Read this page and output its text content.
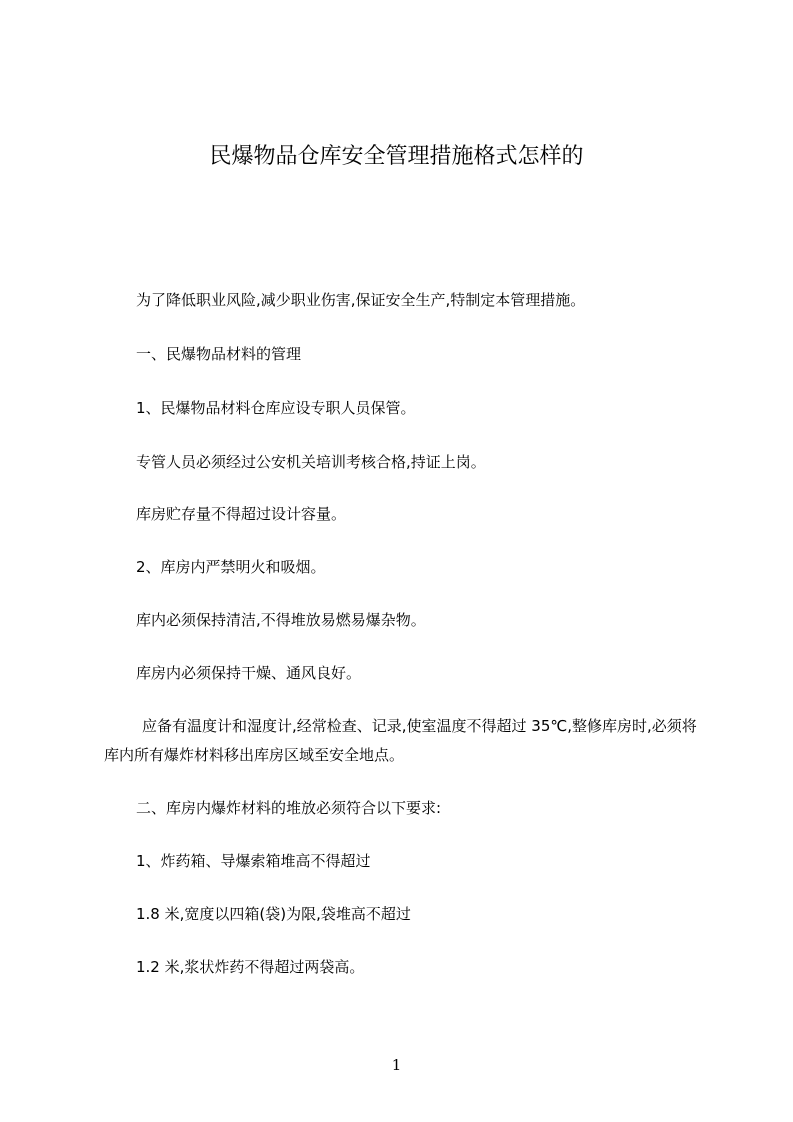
民爆物品仓库安全管理措施格式怎样的

为了降低职业风险,减少职业伤害,保证安全生产,特制定本管理措施。

一、民爆物品材料的管理

1、民爆物品材料仓库应设专职人员保管。

专管人员必须经过公安机关培训考核合格,持证上岗。

库房贮存量不得超过设计容量。

2、库房内严禁明火和吸烟。

库内必须保持清洁,不得堆放易燃易爆杂物。

库房内必须保持干燥、通风良好。

应备有温度计和湿度计,经常检查、记录,使室温度不得超过 35℃,整修库房时,必须将库内所有爆炸材料移出库房区域至安全地点。

二、库房内爆炸材料的堆放必须符合以下要求:

1、炸药箱、导爆索箱堆高不得超过

1.8 米,宽度以四箱(袋)为限,袋堆高不超过

1.2 米,浆状炸药不得超过两袋高。

1
